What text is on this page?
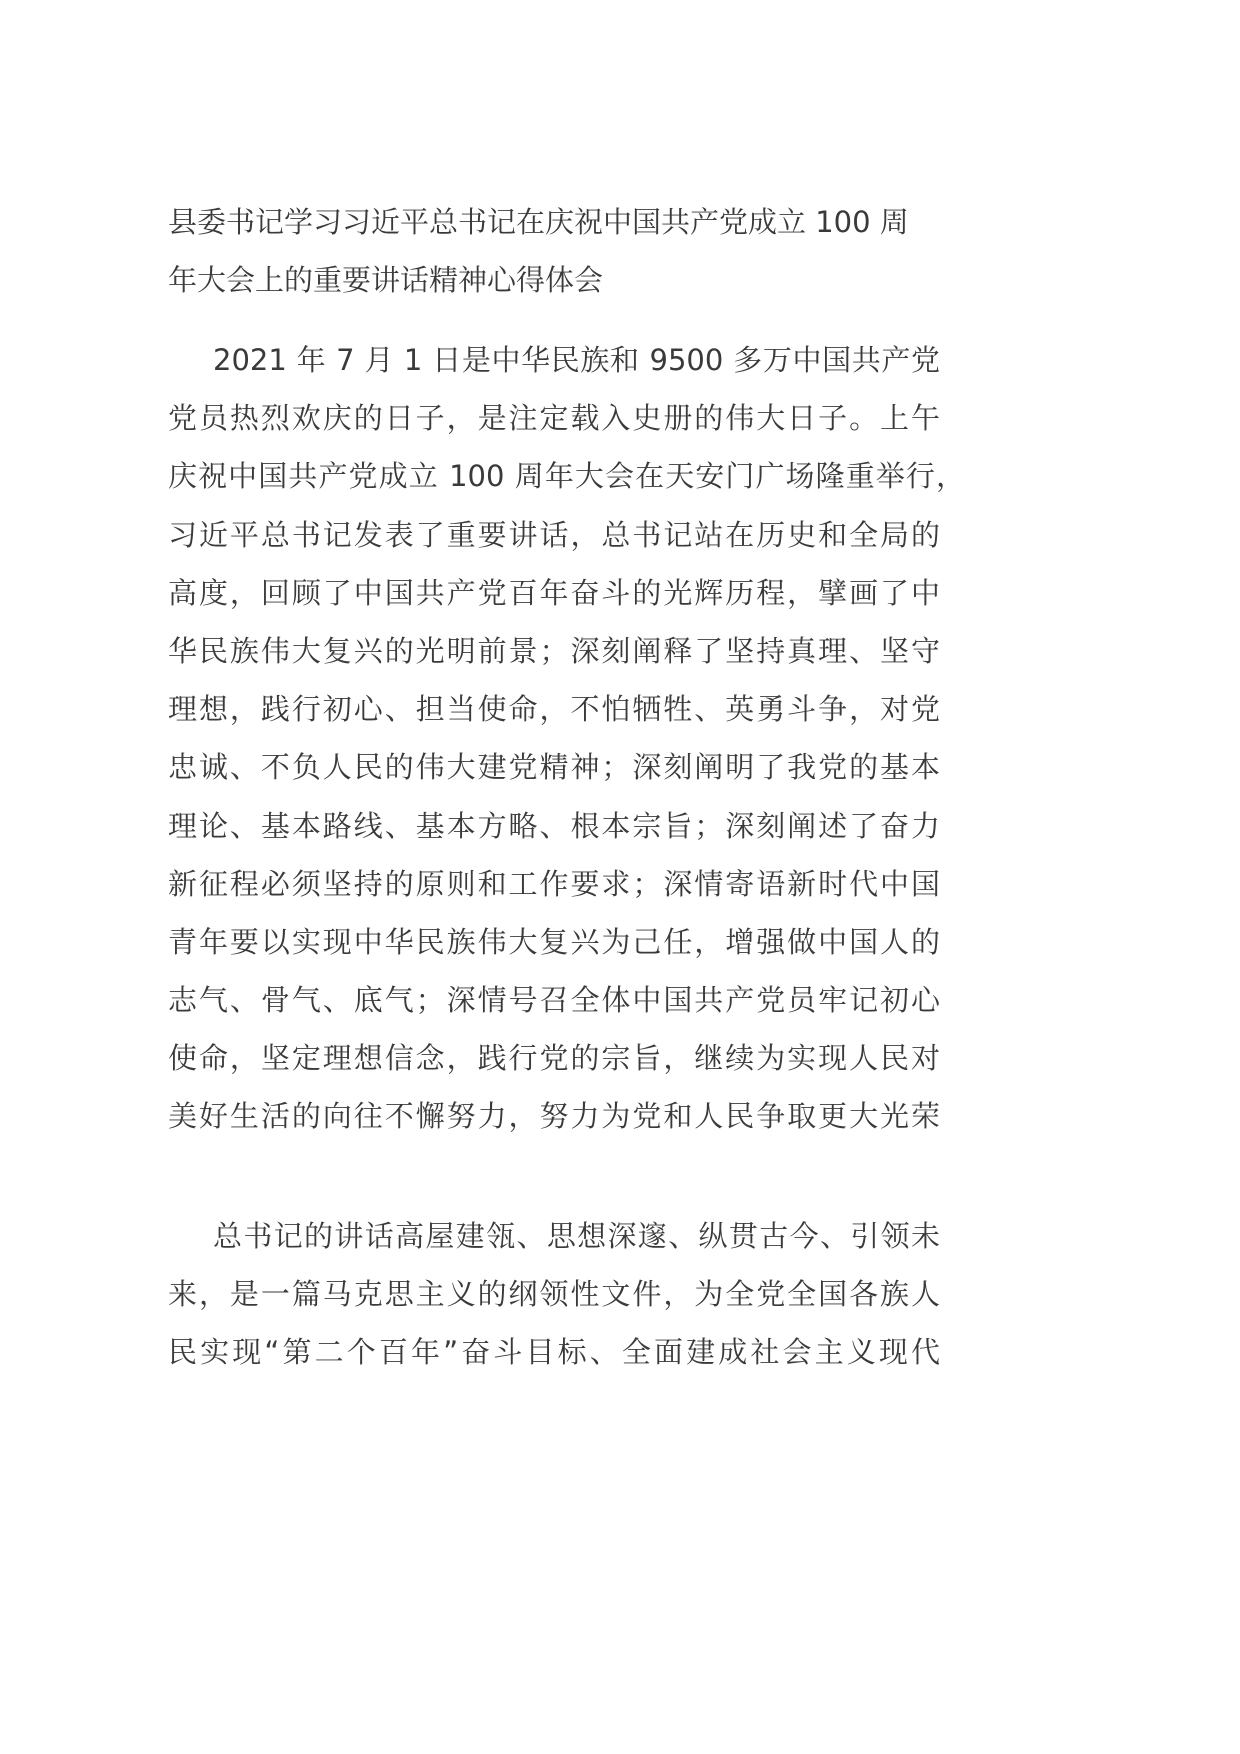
县委书记学习习近平总书记在庆祝中国共产党成立 100 周
年大会上的重要讲话精神心得体会
2021 年 7 月 1 日是中华民族和 9500 多万中国共产党
党员热烈欢庆的日子，是注定载入史册的伟大日子。上午
庆祝中国共产党成立 100 周年大会在天安门广场隆重举行，
习近平总书记发表了重要讲话，总书记站在历史和全局的
高度，回顾了中国共产党百年奋斗的光辉历程，擘画了中
华民族伟大复兴的光明前景；深刻阐释了坚持真理、坚守
理想，践行初心、担当使命，不怕牺牲、英勇斗争，对党
忠诚、不负人民的伟大建党精神；深刻阐明了我党的基本
理论、基本路线、基本方略、根本宗旨；深刻阐述了奋力
新征程必须坚持的原则和工作要求；深情寄语新时代中国
青年要以实现中华民族伟大复兴为己任，增强做中国人的
志气、骨气、底气；深情号召全体中国共产党员牢记初心
使命，坚定理想信念，践行党的宗旨，继续为实现人民对
美好生活的向往不懈努力，努力为党和人民争取更大光荣
总书记的讲话高屋建瓴、思想深邃、纵贯古今、引领未
来，是一篇马克思主义的纲领性文件，为全党全国各族人
民实现“第二个百年”奋斗目标、全面建成社会主义现代
